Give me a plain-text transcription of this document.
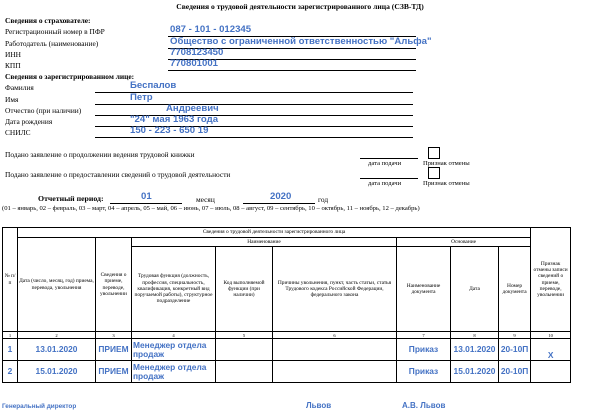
Сведения о трудовой деятельности зарегистрированного лица (СЗВ-ТД)
Сведения о страхователе:
Регистрационный номер в ПФР	087 - 101 - 012345
Работодатель (наименование)	Общество с ограниченной ответственностью "Альфа"
ИНН	7708123450
КПП	770801001
Сведения о зарегистрированном лице:
Фамилия	Беспалов
Имя	Петр
Отчество (при наличии)	Андреевич
Дата рождения	"24" мая 1963 года
СНИЛС	150 - 223 - 650 19
Подано заявление о продолжении ведения трудовой книжки
дата подачи	Признак отмены
Подано заявление о предоставлении сведений о трудовой деятельности
дата подачи	Признак отмены
Отчетный период:	01	месяц	2020	год
(01 – январь, 02 – февраль, 03 – март, 04 – апрель, 05 – май, 06 – июнь, 07 – июль, 08 – август, 09 – сентябрь, 10 – октябрь, 11 – ноябрь, 12 – декабрь)
№ п/п	Сведения о трудовой деятельности зарегистрированного лица								Признак отмены записи сведений о приеме, переводе, увольнении
	Дата (число, месяц, год) приема, перевода, увольнения	Сведения о приеме, переводе, увольнении	Наименование			Основание			
			Трудовая функция (должность, профессия, специальность, квалификация, конкретный вид поручаемой работы), структурное подразделение	Код выполняемой функции (при наличии)	Причины увольнения, пункт, часть статьи, статья Трудового кодекса Российской Федерации, федерального закона	Наименование документа	Дата	Номер документа	
1	2	3	4	5	6	7	8	9	10
1	13.01.2020	ПРИЕМ	Менеджер отдела продаж			Приказ	13.01.2020	20-10П	X
2	15.01.2020	ПРИЕМ	Менеджер отдела продаж			Приказ	15.01.2020	20-10П	
Генеральный директор	Львов	А.В. Львов
